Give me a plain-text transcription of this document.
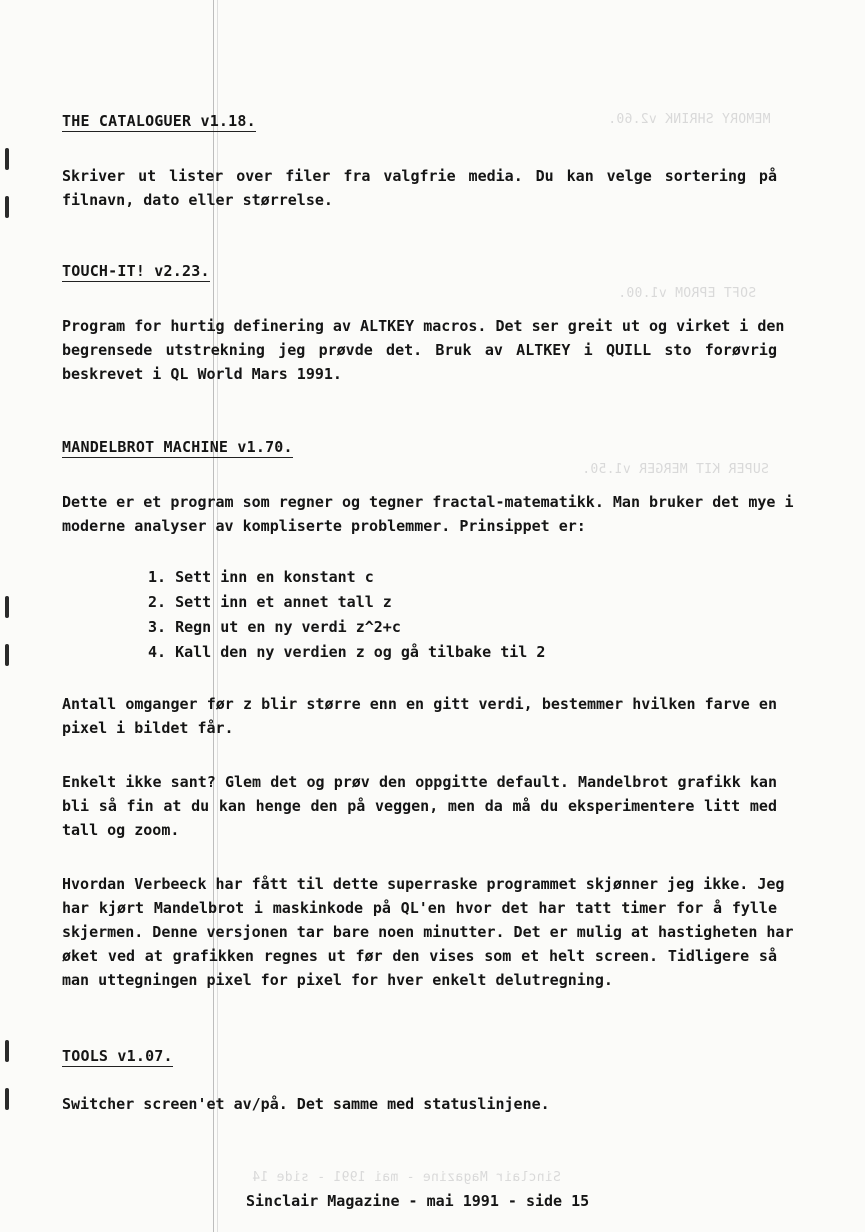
MEMORY SHRINK v2.60.
SOFT EPROM v1.00.
SUPER KIT MERGER v1.50.
Sinclair Magazine - mai 1991 - side 14
THE CATALOGUER v1.18.
Skriver ut lister over filer fra valgfrie media. Du kan velge sortering på
filnavn, dato eller størrelse.
TOUCH-IT! v2.23.
Program for hurtig definering av ALTKEY macros. Det ser greit ut og virket i den
begrensede utstrekning jeg prøvde det. Bruk av ALTKEY i QUILL sto forøvrig
beskrevet i QL World Mars 1991.
MANDELBROT MACHINE v1.70.
Dette er et program som regner og tegner fractal-matematikk. Man bruker det mye i
moderne analyser av kompliserte problemmer. Prinsippet er:
1. Sett inn en konstant c
2. Sett inn et annet tall z
3. Regn ut en ny verdi z^2+c
4. Kall den ny verdien z og gå tilbake til 2
Antall omganger før z blir større enn en gitt verdi, bestemmer hvilken farve en
pixel i bildet får.
Enkelt ikke sant? Glem det og prøv den oppgitte default. Mandelbrot grafikk kan
bli så fin at du kan henge den på veggen, men da må du eksperimentere litt med
tall og zoom.
Hvordan Verbeeck har fått til dette superraske programmet skjønner jeg ikke. Jeg
har kjørt Mandelbrot i maskinkode på QL'en hvor det har tatt timer for å fylle
skjermen. Denne versjonen tar bare noen minutter. Det er mulig at hastigheten har
øket ved at grafikken regnes ut før den vises som et helt screen. Tidligere så
man uttegningen pixel for pixel for hver enkelt delutregning.
TOOLS v1.07.
Switcher screen'et av/på. Det samme med statuslinjene.
Sinclair Magazine - mai 1991 - side 15
